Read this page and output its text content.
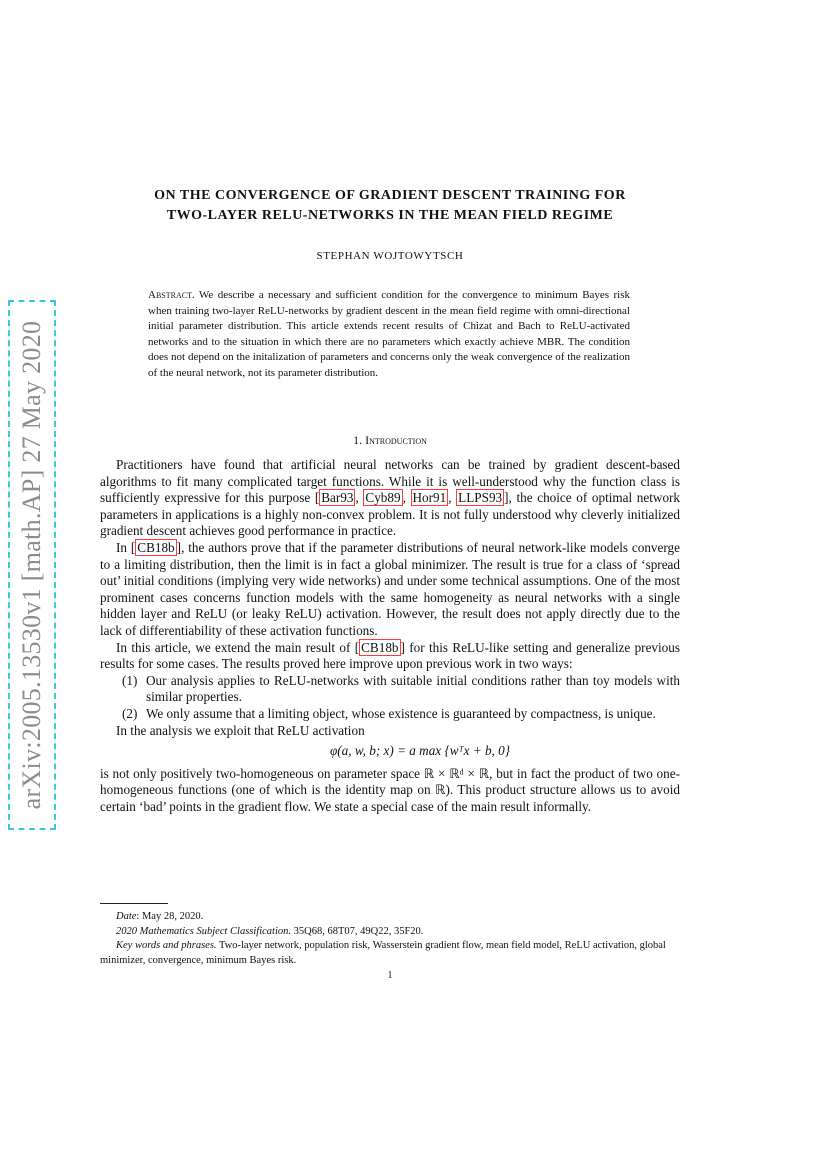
arXiv:2005.13530v1 [math.AP] 27 May 2020
ON THE CONVERGENCE OF GRADIENT DESCENT TRAINING FOR
TWO-LAYER RELU-NETWORKS IN THE MEAN FIELD REGIME
STEPHAN WOJTOWYTSCH
Abstract. We describe a necessary and sufficient condition for the convergence to minimum Bayes risk when training two-layer ReLU-networks by gradient descent in the mean field regime with omni-directional initial parameter distribution. This article extends recent results of Chizat and Bach to ReLU-activated networks and to the situation in which there are no parameters which exactly achieve MBR. The condition does not depend on the initalization of parameters and concerns only the weak convergence of the realization of the neural network, not its parameter distribution.
1. Introduction

Practitioners have found that artificial neural networks can be trained by gradient descent-based algorithms to fit many complicated target functions. While it is well-understood why the function class is sufficiently expressive for this purpose [ Bar93 , Cyb89 , Hor91 , LLPS93 ], the choice of optimal network parameters in applications is a highly non-convex problem. It is not fully understood why cleverly initialized gradient descent achieves good performance in practice.

In [ CB18b ], the authors prove that if the parameter distributions of neural network-like models converge to a limiting distribution, then the limit is in fact a global minimizer. The result is true for a class of ‘spread out’ initial conditions (implying very wide networks) and under some technical assumptions. One of the most prominent cases concerns function models with the same homogeneity as neural networks with a single hidden layer and ReLU (or leaky ReLU) activation. However, the result does not apply directly due to the lack of differentiability of these activation functions.

In this article, we extend the main result of [ CB18b ] for this ReLU-like setting and generalize previous results for some cases. The results proved here improve upon previous work in two ways:

(1) Our analysis applies to ReLU-networks with suitable initial conditions rather than toy models with similar properties.
(2) We only assume that a limiting object, whose existence is guaranteed by compactness, is unique.

In the analysis we exploit that ReLU activation

φ(a, w, b; x) = a max {wᵀx + b, 0}

is not only positively two-homogeneous on parameter space ℝ × ℝᵈ × ℝ, but in fact the product of two one-homogeneous functions (one of which is the identity map on ℝ). This product structure allows us to avoid certain ‘bad’ points in the gradient flow. We state a special case of the main result informally.

Date: May 28, 2020.

2020 Mathematics Subject Classification. 35Q68, 68T07, 49Q22, 35F20.

Key words and phrases. Two-layer network, population risk, Wasserstein gradient flow, mean field model, ReLU activation, global minimizer, convergence, minimum Bayes risk.

1
